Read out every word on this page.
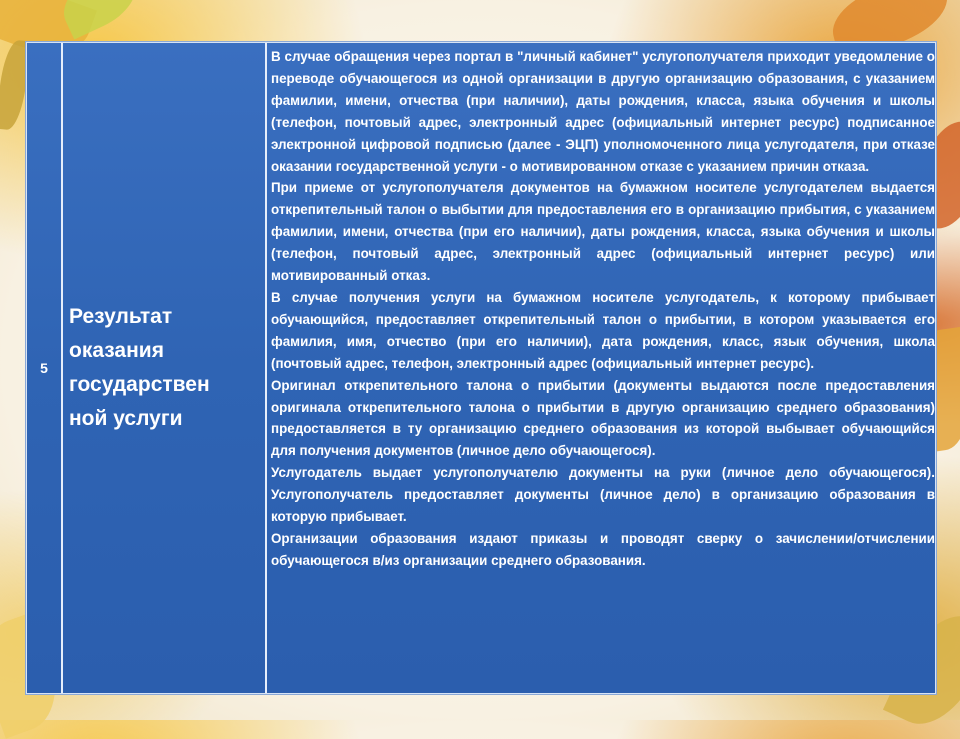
5
Результат
оказания
государствен
ной услуги

В случае обращения через портал в "личный кабинет" услугополучателя приходит уведомление о переводе обучающегося из одной организации в другую организацию образования, с указанием фамилии, имени, отчества (при наличии), даты рождения, класса, языка обучения и школы (телефон, почтовый адрес, электронный адрес (официальный интернет ресурс) подписанное электронной цифровой подписью (далее - ЭЦП) уполномоченного лица услугодателя, при отказе оказании государственной услуги - о мотивированном отказе с указанием причин отказа.

При приеме от услугополучателя документов на бумажном носителе услугодателем выдается открепительный талон о выбытии для предоставления его в организацию прибытия, с указанием фамилии, имени, отчества (при его наличии), даты рождения, класса, языка обучения и школы (телефон, почтовый адрес, электронный адрес (официальный интернет ресурс) или мотивированный отказ.

В случае получения услуги на бумажном носителе услугодатель, к которому прибывает обучающийся, предоставляет открепительный талон о прибытии, в котором указывается его фамилия, имя, отчество (при его наличии), дата рождения, класс, язык обучения, школа (почтовый адрес, телефон, электронный адрес (официальный интернет ресурс).

Оригинал открепительного талона о прибытии (документы выдаются после предоставления оригинала открепительного талона о прибытии в другую организацию среднего образования) предоставляется в ту организацию среднего образования из которой выбывает обучающийся для получения документов (личное дело обучающегося).

Услугодатель выдает услугополучателю документы на руки (личное дело обучающегося). Услугополучатель предоставляет документы (личное дело) в организацию образования в которую прибывает.

Организации образования издают приказы и проводят сверку о зачислении/отчислении обучающегося в/из организации среднего образования.
